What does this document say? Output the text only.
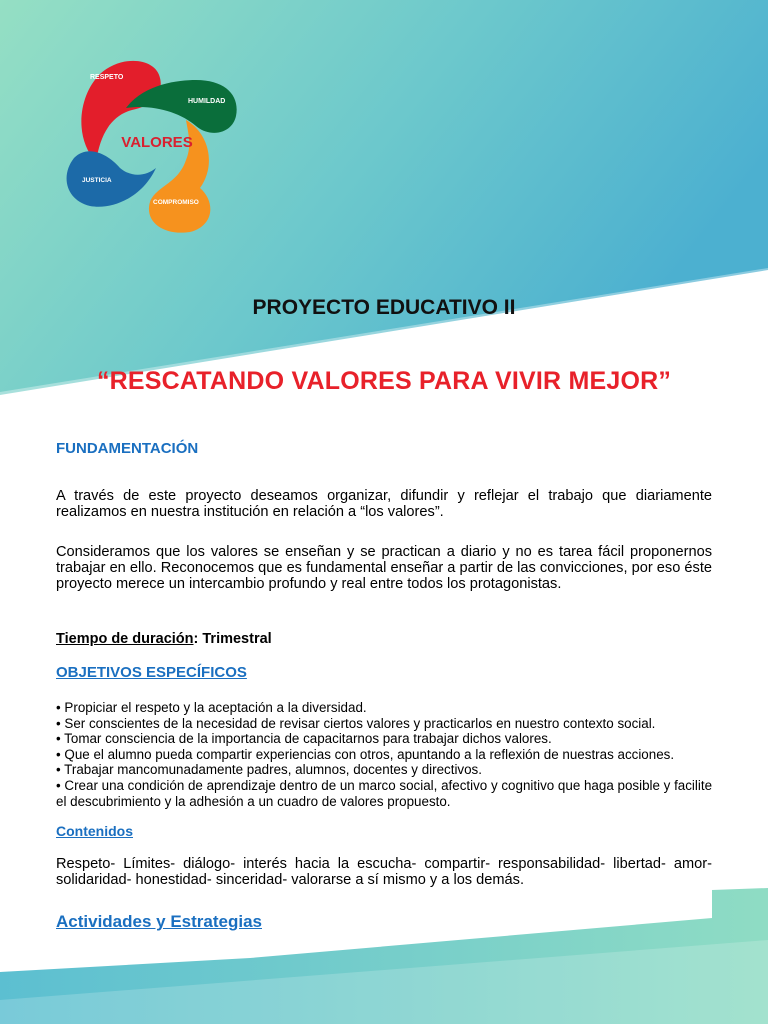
RESPETO
HUMILDAD
JUSTICIA
COMPROMISO
VALORES
PROYECTO EDUCATIVO II
“RESCATANDO VALORES PARA VIVIR MEJOR”
FUNDAMENTACIÓN

A través de este proyecto deseamos organizar, difundir y reflejar el trabajo que diariamente realizamos en nuestra institución en relación a “los valores”.

Consideramos que los valores se enseñan y se practican a diario y no es tarea fácil proponernos trabajar en ello. Reconocemos que es fundamental enseñar a partir de las convicciones, por eso éste proyecto merece un intercambio profundo y real entre todos los protagonistas.

Tiempo de duración: Trimestral

OBJETIVOS ESPECÍFICOS
• Propiciar el respeto y la aceptación a la diversidad.
• Ser conscientes de la necesidad de revisar ciertos valores y practicarlos en nuestro contexto social.
• Tomar consciencia de la importancia de capacitarnos para trabajar dichos valores.
• Que el alumno pueda compartir experiencias con otros, apuntando a la reflexión de nuestras acciones.
• Trabajar mancomunadamente padres, alumnos, docentes y directivos.
• Crear una condición de aprendizaje dentro de un marco social, afectivo y cognitivo que haga posible y facilite el descubrimiento y la adhesión a un cuadro de valores propuesto.
Contenidos

Respeto- Límites- diálogo- interés hacia la escucha- compartir- responsabilidad- libertad- amor- solidaridad- honestidad- sinceridad- valorarse a sí mismo y a los demás.

Actividades y Estrategias
